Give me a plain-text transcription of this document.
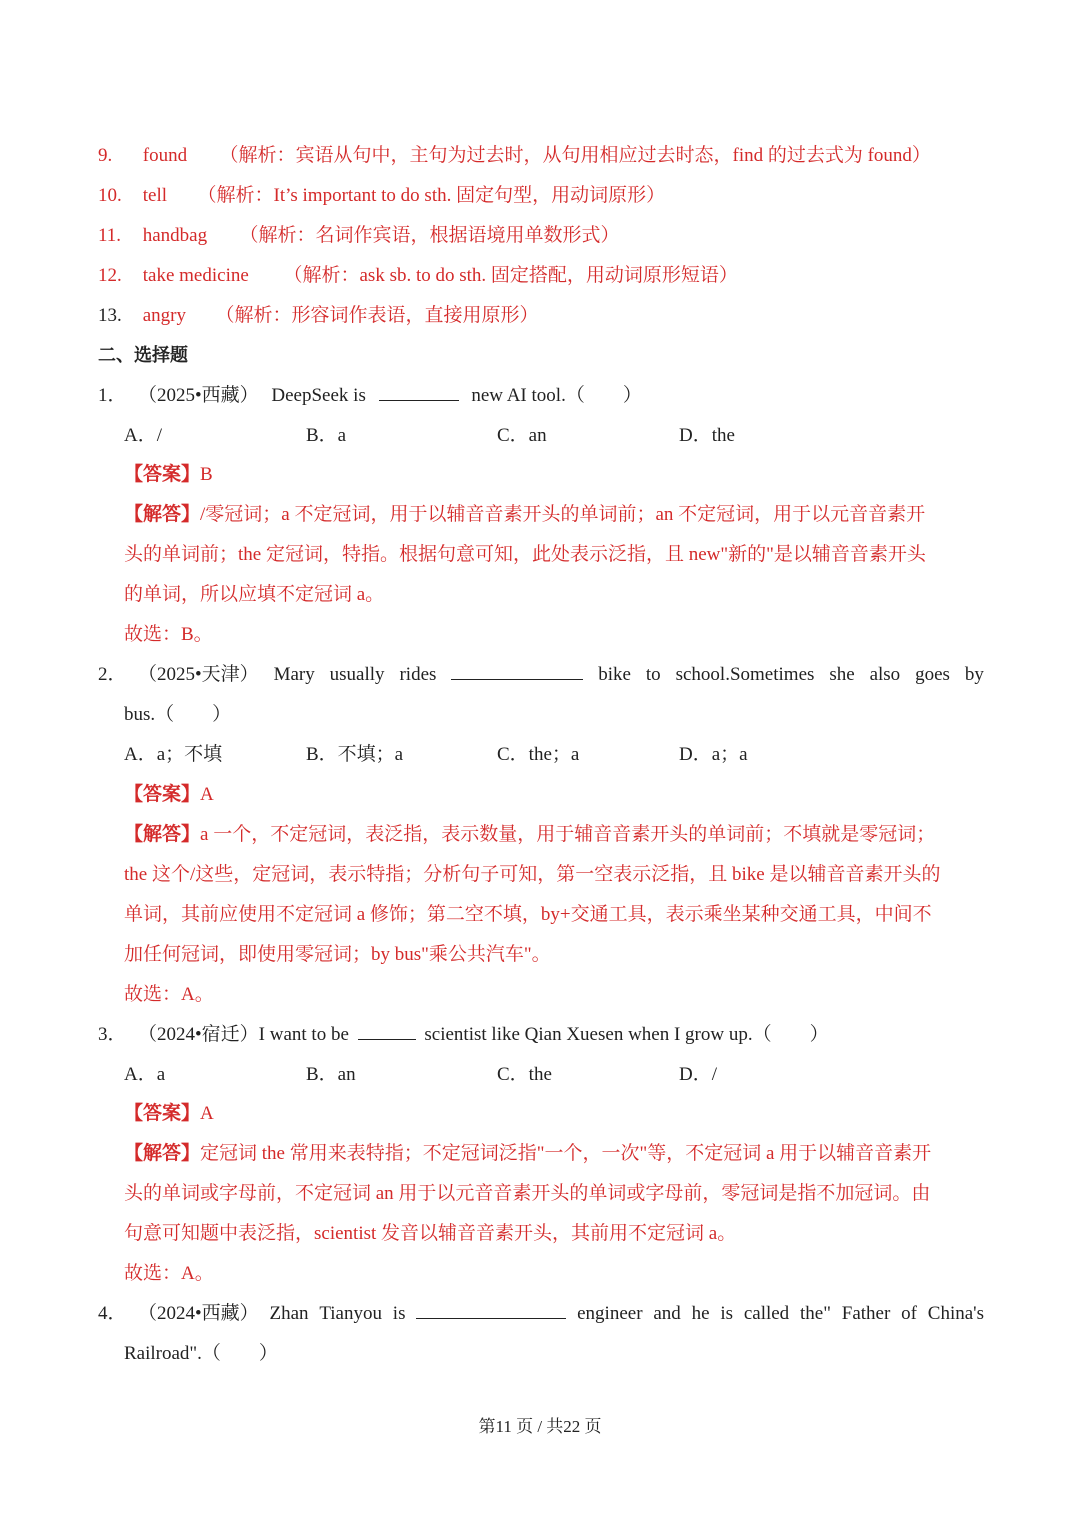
9. found （解析：宾语从句中，主句为过去时，从句用相应过去时态，find 的过去式为 found）
10. tell （解析：It’s important to do sth. 固定句型，用动词原形）
11. handbag （解析：名词作宾语，根据语境用单数形式）
12. take medicine （解析：ask sb. to do sth. 固定搭配，用动词原形短语）
13. angry （解析：形容词作表语，直接用原形）
二、选择题
1． （2025•西藏） DeepSeek is	new AI tool.（　　）
A．/	B．a	C．an	D．the
【答案】B
【解答】/零冠词；a 不定冠词，用于以辅音音素开头的单词前；an 不定冠词，用于以元音音素开
头的单词前；the 定冠词，特指。根据句意可知，此处表示泛指，且 new"新的"是以辅音音素开头
的单词，所以应填不定冠词 a。
故选：B。
2． （2025•天津） Mary usually rides	bike to school.Sometimes she also goes by
bus.（　　）
A．a；不填	B．不填；a	C．the；a	D．a；a
【答案】A
【解答】a 一个，不定冠词，表泛指，表示数量，用于辅音音素开头的单词前；不填就是零冠词；
the 这个/这些，定冠词，表示特指；分析句子可知，第一空表示泛指，且 bike 是以辅音音素开头的
单词，其前应使用不定冠词 a 修饰；第二空不填，by+交通工具，表示乘坐某种交通工具，中间不
加任何冠词，即使用零冠词；by bus"乘公共汽车"。
故选：A。
3． （2024•宿迁）I want to be	scientist like Qian Xuesen when I grow up.（　　）
A．a	B．an	C．the	D．/
【答案】A
【解答】定冠词 the 常用来表特指；不定冠词泛指"一个，一次"等，不定冠词 a 用于以辅音音素开
头的单词或字母前，不定冠词 an 用于以元音音素开头的单词或字母前，零冠词是指不加冠词。由
句意可知题中表泛指，scientist 发音以辅音音素开头，其前用不定冠词 a。
故选：A。
4． （2024•西藏） Zhan Tianyou is	engineer and he is called the" Father of China's
Railroad".（　　）
第11 页 / 共22 页
